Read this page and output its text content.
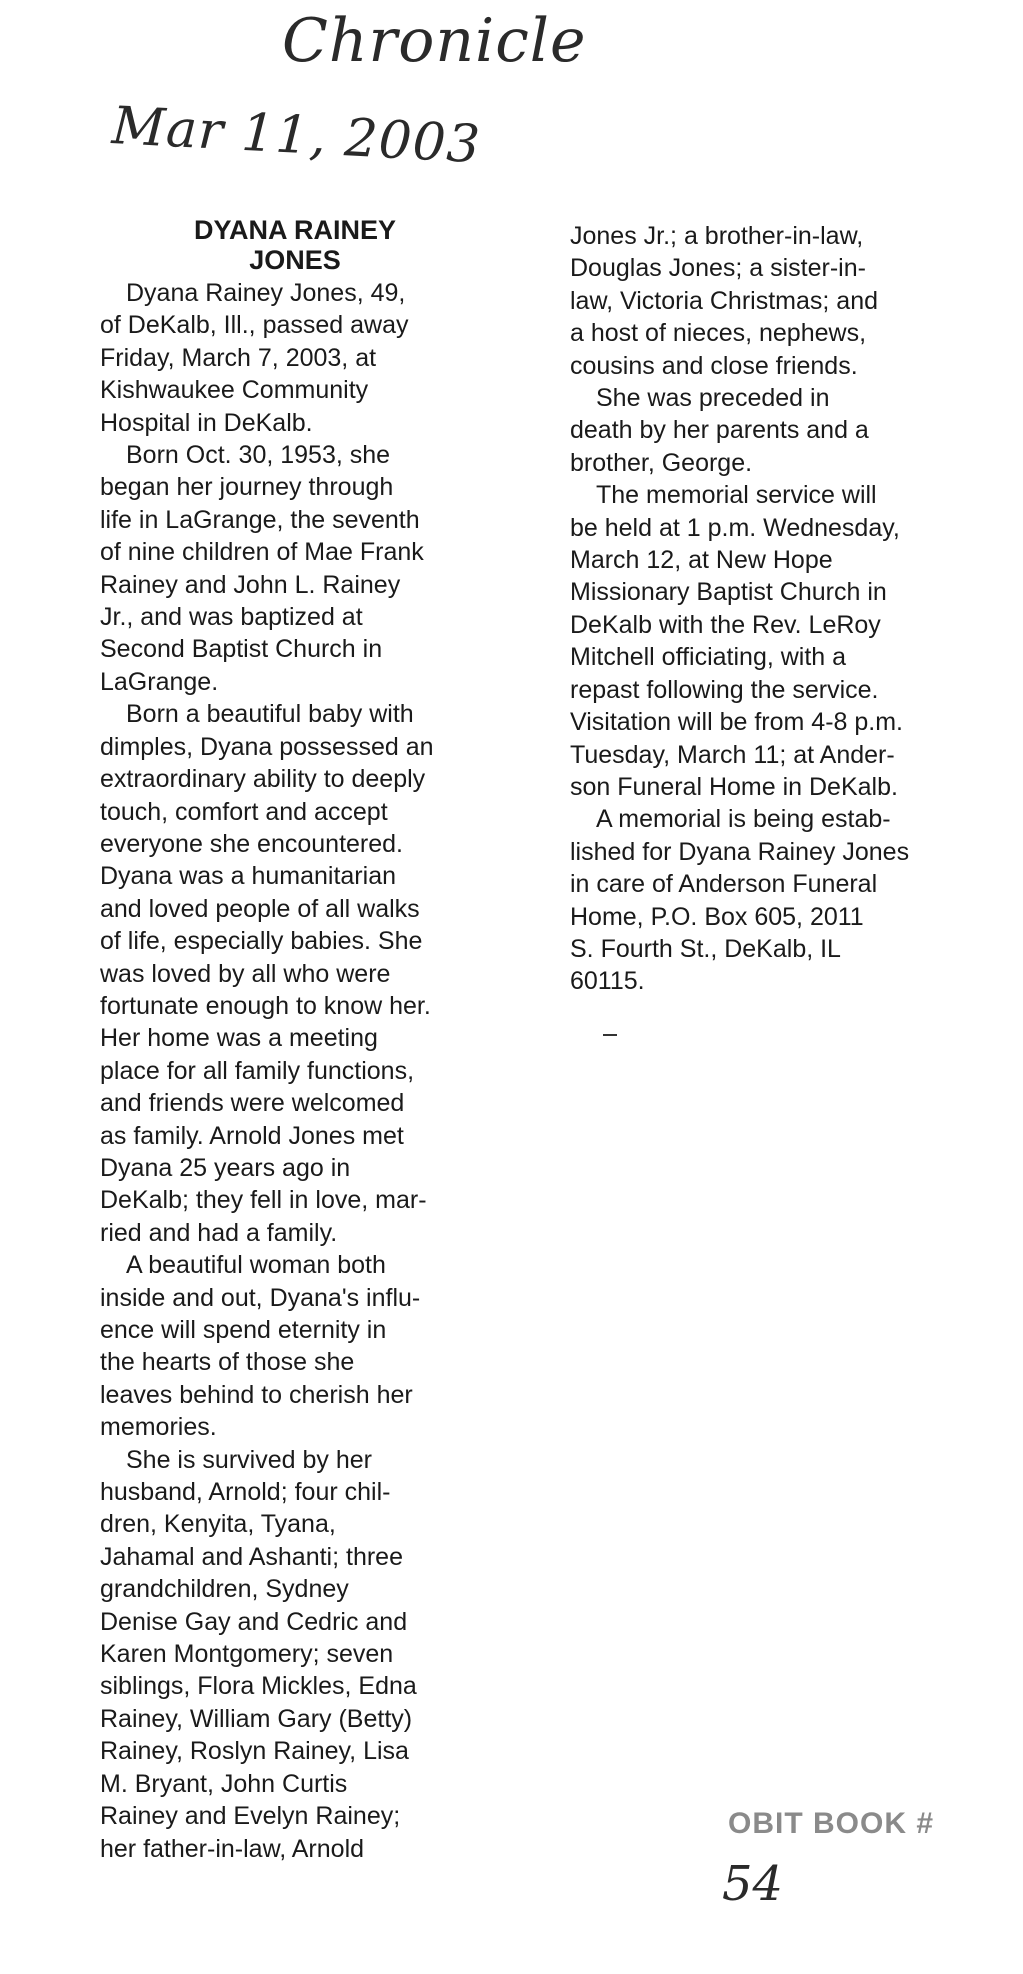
Chronicle
Mar 11, 2003
DYANA RAINEY
JONES
Dyana Rainey Jones, 49,
of DeKalb, Ill., passed away
Friday, March 7, 2003, at
Kishwaukee Community
Hospital in DeKalb.
Born Oct. 30, 1953, she
began her journey through
life in LaGrange, the seventh
of nine children of Mae Frank
Rainey and John L. Rainey
Jr., and was baptized at
Second Baptist Church in
LaGrange.
Born a beautiful baby with
dimples, Dyana possessed an
extraordinary ability to deeply
touch, comfort and accept
everyone she encountered.
Dyana was a humanitarian
and loved people of all walks
of life, especially babies. She
was loved by all who were
fortunate enough to know her.
Her home was a meeting
place for all family functions,
and friends were welcomed
as family. Arnold Jones met
Dyana 25 years ago in
DeKalb; they fell in love, mar-
ried and had a family.
A beautiful woman both
inside and out, Dyana's influ-
ence will spend eternity in
the hearts of those she
leaves behind to cherish her
memories.
She is survived by her
husband, Arnold; four chil-
dren, Kenyita, Tyana,
Jahamal and Ashanti; three
grandchildren, Sydney
Denise Gay and Cedric and
Karen Montgomery; seven
siblings, Flora Mickles, Edna
Rainey, William Gary (Betty)
Rainey, Roslyn Rainey, Lisa
M. Bryant, John Curtis
Rainey and Evelyn Rainey;
her father-in-law, Arnold
Jones Jr.; a brother-in-law,
Douglas Jones; a sister-in-
law, Victoria Christmas; and
a host of nieces, nephews,
cousins and close friends.
She was preceded in
death by her parents and a
brother, George.
The memorial service will
be held at 1 p.m. Wednesday,
March 12, at New Hope
Missionary Baptist Church in
DeKalb with the Rev. LeRoy
Mitchell officiating, with a
repast following the service.
Visitation will be from 4-8 p.m.
Tuesday, March 11; at Ander-
son Funeral Home in DeKalb.
A memorial is being estab-
lished for Dyana Rainey Jones
in care of Anderson Funeral
Home, P.O. Box 605, 2011
S. Fourth St., DeKalb, IL
60115.
OBIT BOOK #
54
